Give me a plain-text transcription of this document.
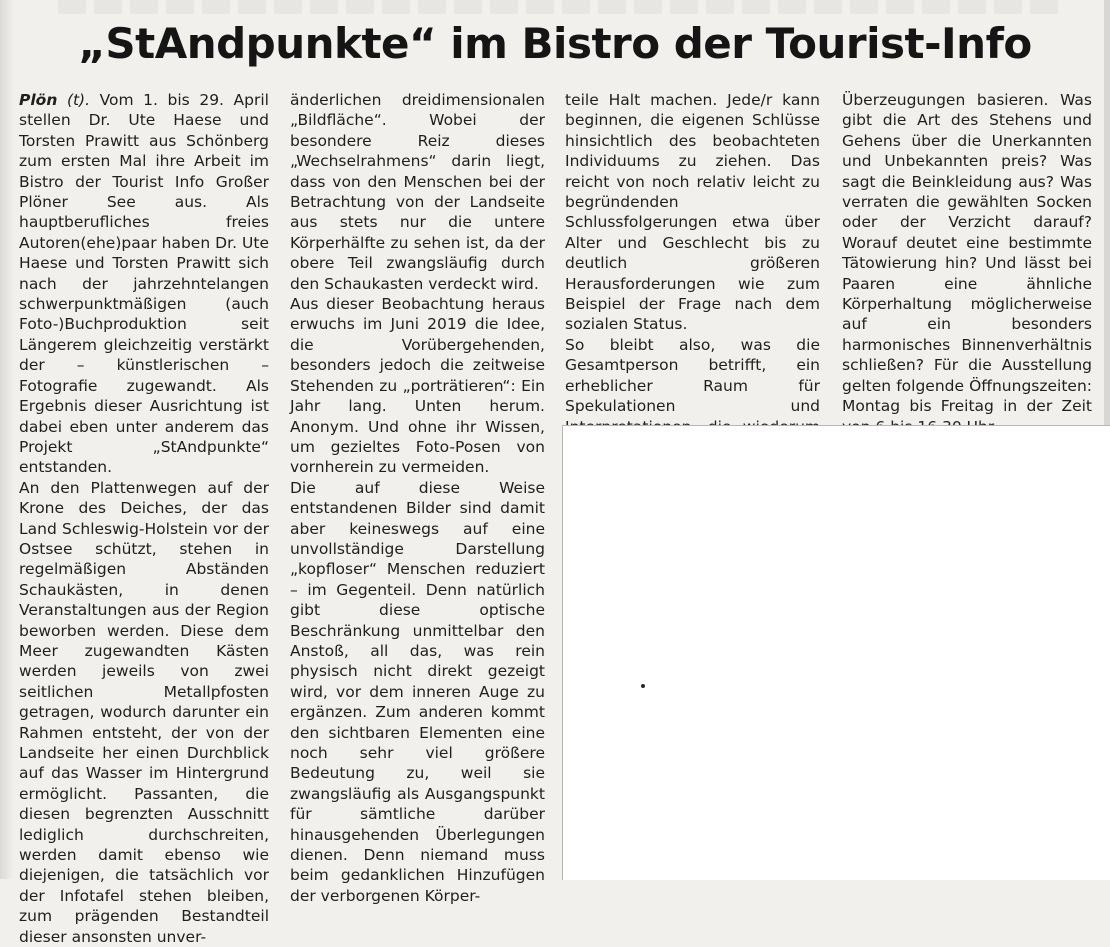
„StAndpunkte“ im Bistro der Tourist-Info

Plön (t). Vom 1. bis 29. April stellen Dr. Ute Haese und Torsten Prawitt aus Schönberg zum ersten Mal ihre Arbeit im Bistro der Tourist Info Großer Plöner See aus. Als hauptberufliches freies Autoren(ehe)paar haben Dr. Ute Haese und Torsten Prawitt sich nach der jahrzehntelangen schwerpunktmäßigen (auch Foto-)Buchproduktion seit Längerem gleichzeitig verstärkt der – künstlerischen – Fotografie zugewandt. Als Ergebnis dieser Ausrichtung ist dabei eben unter anderem das Projekt „StAndpunkte“ entstanden.

An den Plattenwegen auf der Krone des Deiches, der das Land Schleswig-Holstein vor der Ostsee schützt, stehen in regelmäßigen Abständen Schaukästen, in denen Veranstaltungen aus der Region beworben werden. Diese dem Meer zugewandten Kästen werden jeweils von zwei seitlichen Metallpfosten getragen, wodurch darunter ein Rahmen entsteht, der von der Landseite her einen Durchblick auf das Wasser im Hintergrund ermöglicht. Passanten, die diesen begrenzten Ausschnitt lediglich durchschreiten, werden damit ebenso wie diejenigen, die tatsächlich vor der Infotafel stehen bleiben, zum prägenden Bestandteil dieser ansonsten unver-

änderlichen dreidimensionalen „Bildfläche“. Wobei der besondere Reiz dieses „Wechselrahmens“ darin liegt, dass von den Menschen bei der Betrachtung von der Landseite aus stets nur die untere Körperhälfte zu sehen ist, da der obere Teil zwangsläufig durch den Schaukasten verdeckt wird.

Aus dieser Beobachtung heraus erwuchs im Juni 2019 die Idee, die Vorübergehenden, besonders jedoch die zeitweise Stehenden zu „porträtieren“: Ein Jahr lang. Unten herum. Anonym. Und ohne ihr Wissen, um gezieltes Foto-Posen von vornherein zu vermeiden.

Die auf diese Weise entstandenen Bilder sind damit aber keineswegs auf eine unvollständige Darstellung „kopfloser“ Menschen reduziert – im Gegenteil. Denn natürlich gibt diese optische Beschränkung unmittelbar den Anstoß, all das, was rein physisch nicht direkt gezeigt wird, vor dem inneren Auge zu ergänzen. Zum anderen kommt den sichtbaren Elementen eine noch sehr viel größere Bedeutung zu, weil sie zwangsläufig als Ausgangspunkt für sämtliche darüber hinausgehenden Überlegungen dienen. Denn niemand muss beim gedanklichen Hinzufügen der verborgenen Körper-

teile Halt machen. Jede/r kann beginnen, die eigenen Schlüsse hinsichtlich des beobachteten Individuums zu ziehen. Das reicht von noch relativ leicht zu begründenden Schlussfolgerungen etwa über Alter und Geschlecht bis zu deutlich größeren Herausforderungen wie zum Beispiel der Frage nach dem sozialen Status.

So bleibt also, was die Gesamtperson betrifft, ein erheblicher Raum für Spekulationen und

Überzeugungen basieren. Was gibt die Art des Stehens und Gehens über die Unerkannten und Unbekannten preis? Was sagt die Beinkleidung aus? Was verraten die gewählten Socken oder der Verzicht darauf? Worauf deutet eine bestimmte Tätowierung hin? Und lässt bei Paaren eine ähnliche Körperhaltung möglicherweise auf ein besonders harmonisches Binnenverhältnis schließen? Für die Ausstellung gelten folgende Öffnungszeiten: Montag bis Freitag in der Zeit
